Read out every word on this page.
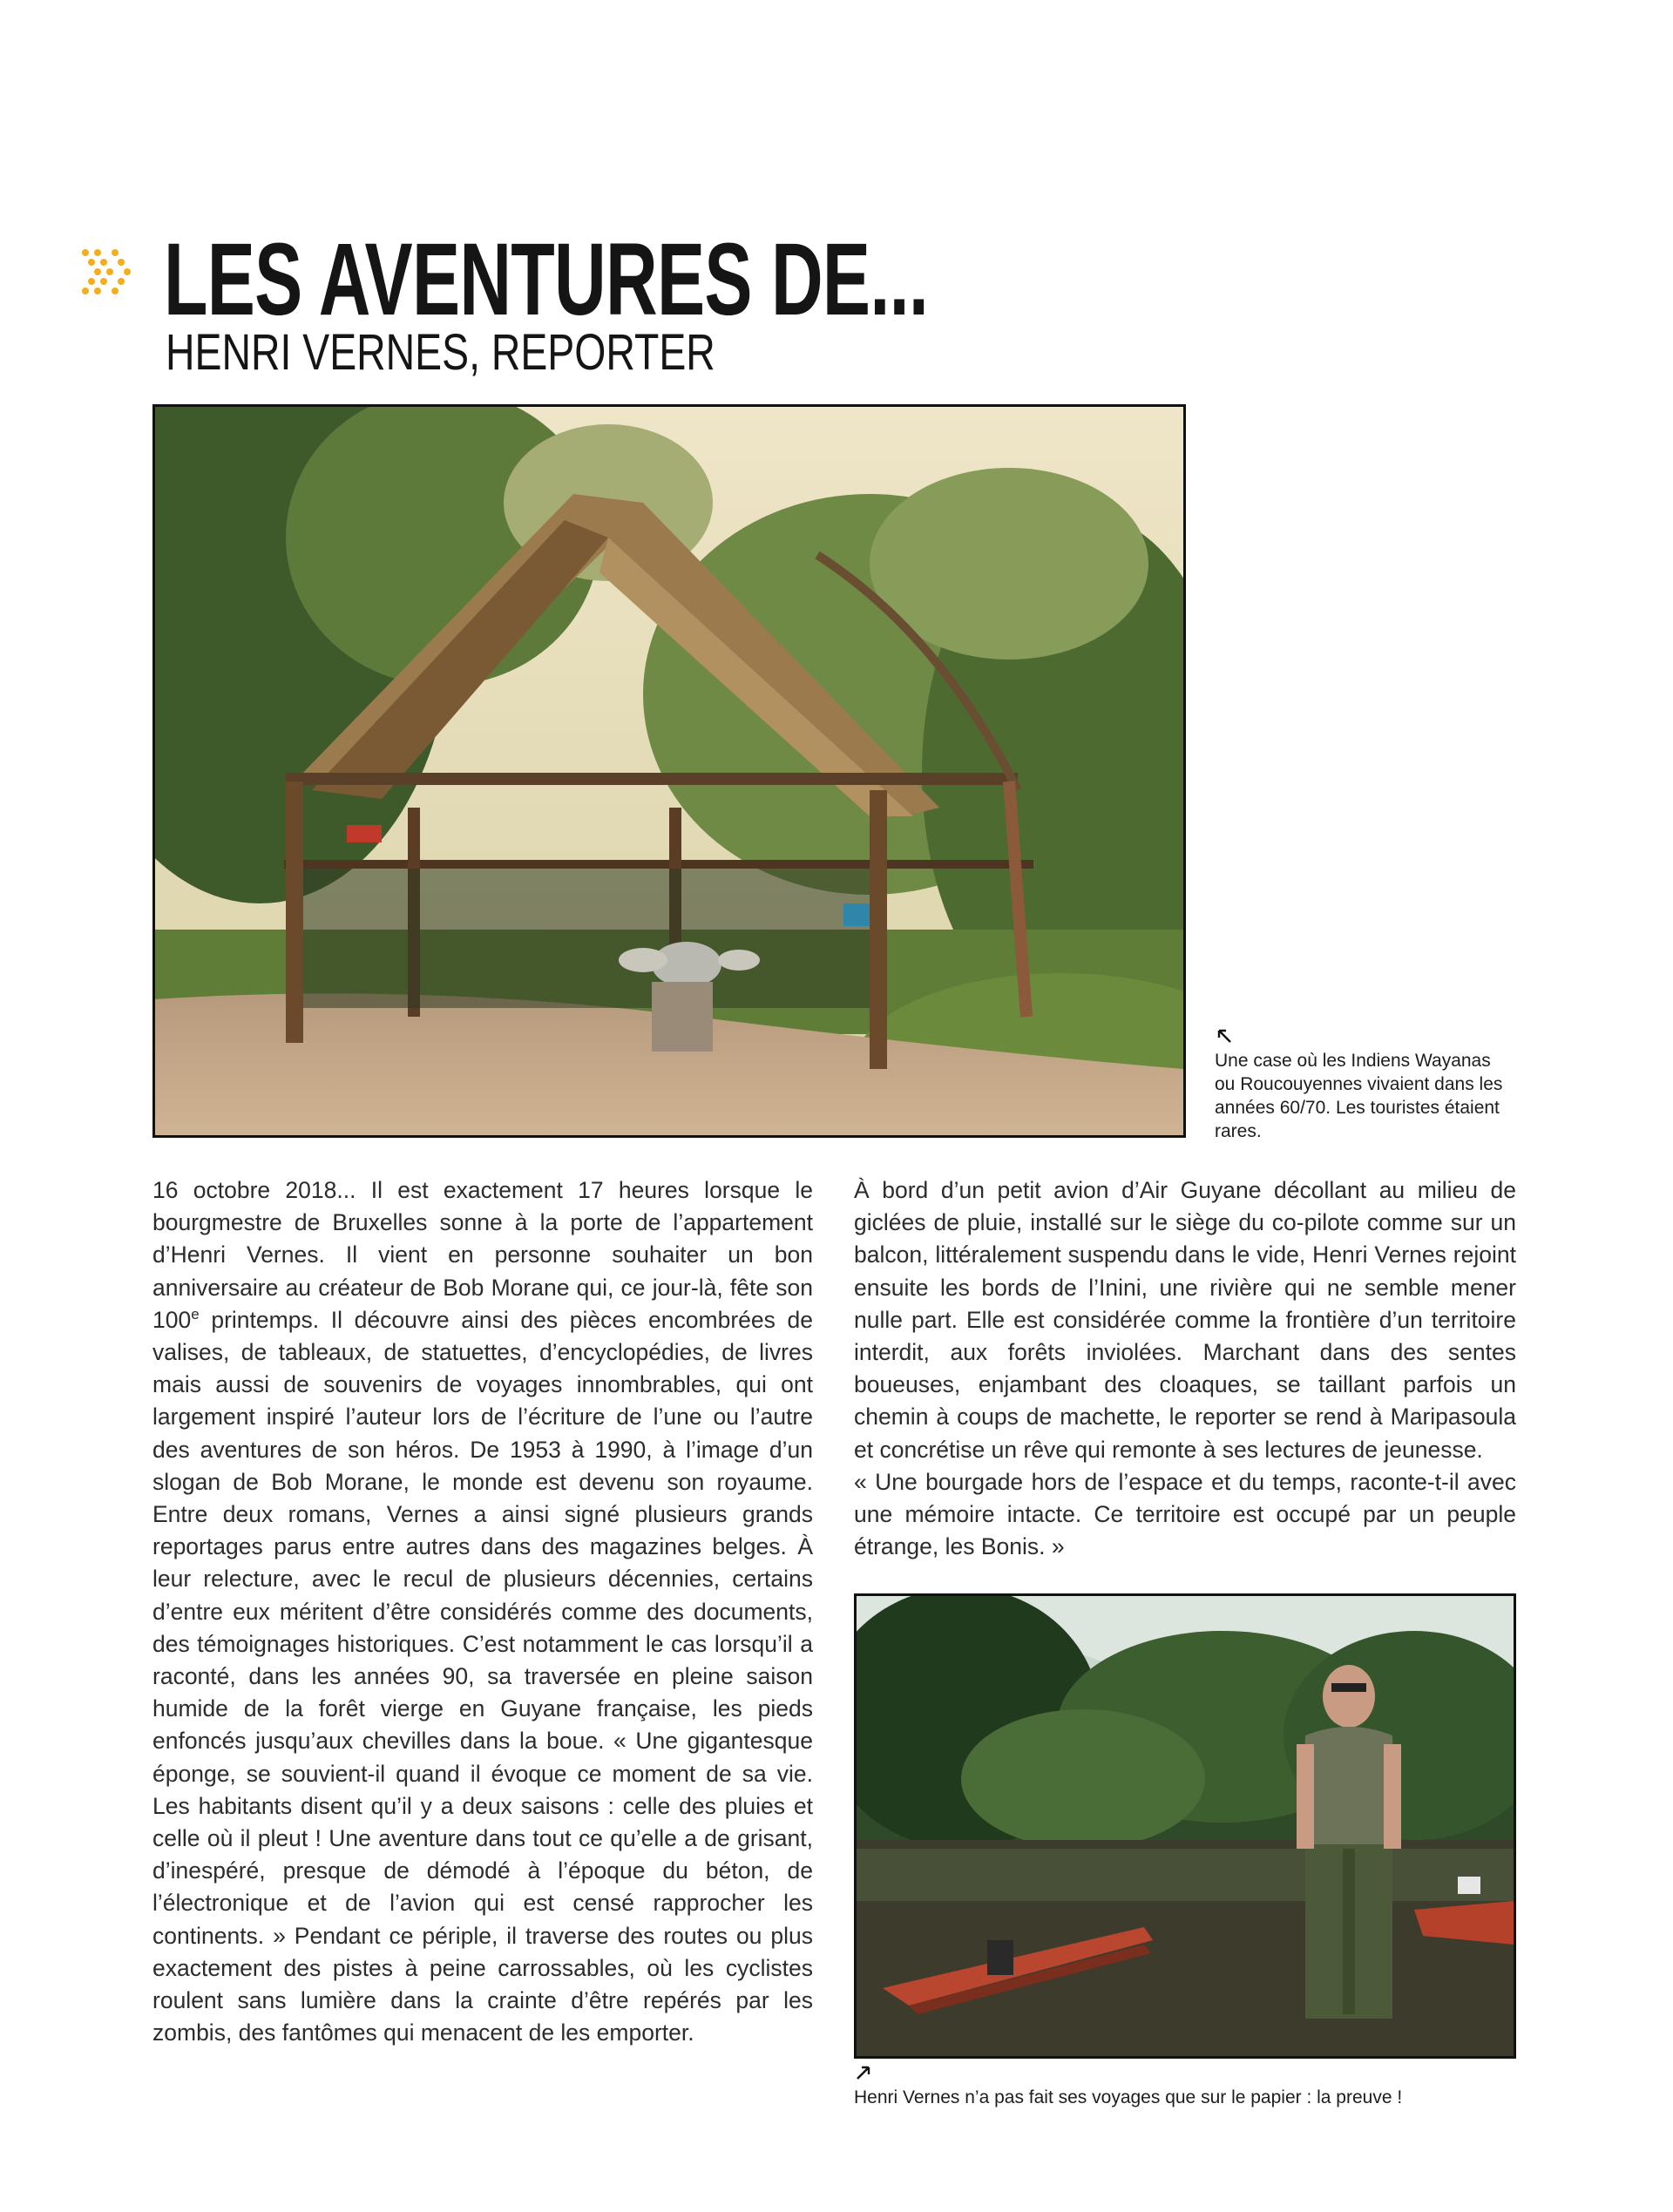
LES AVENTURES DE...
HENRI VERNES, REPORTER
Une case où les Indiens Wayanas ou Roucouyennes vivaient dans les années 60/70. Les touristes étaient rares.

16 octobre 2018... Il est exactement 17 heures lorsque le bourgmestre de Bruxelles sonne à la porte de l’appartement d’Henri Vernes. Il vient en personne souhaiter un bon anniversaire au créateur de Bob Morane qui, ce jour-là, fête son 100e printemps. Il découvre ainsi des pièces encombrées de valises, de tableaux, de statuettes, d’encyclopédies, de livres mais aussi de souvenirs de voyages innombrables, qui ont largement inspiré l’auteur lors de l’écriture de l’une ou l’autre des aventures de son héros. De 1953 à 1990, à l’image d’un slogan de Bob Morane, le monde est devenu son royaume. Entre deux romans, Vernes a ainsi signé plusieurs grands reportages parus entre autres dans des magazines belges. À leur relecture, avec le recul de plusieurs décennies, certains d’entre eux méritent d’être considérés comme des documents, des témoignages historiques. C’est notamment le cas lorsqu’il a raconté, dans les années 90, sa traversée en pleine saison humide de la forêt vierge en Guyane française, les pieds enfoncés jusqu’aux chevilles dans la boue. « Une gigantesque éponge, se souvient-il quand il évoque ce moment de sa vie. Les habitants disent qu’il y a deux saisons : celle des pluies et celle où il pleut ! Une aventure dans tout ce qu’elle a de grisant, d’inespéré, presque de démodé à l’époque du béton, de l’électronique et de l’avion qui est censé rapprocher les continents. » Pendant ce périple, il traverse des routes ou plus exactement des pistes à peine carrossables, où les cyclistes roulent sans lumière dans la crainte d’être repérés par les zombis, des fantômes qui menacent de les emporter.

À bord d’un petit avion d’Air Guyane décollant au milieu de giclées de pluie, installé sur le siège du co-pilote comme sur un balcon, littéralement suspendu dans le vide, Henri Vernes rejoint ensuite les bords de l’Inini, une rivière qui ne semble mener nulle part. Elle est considérée comme la frontière d’un territoire interdit, aux forêts inviolées. Marchant dans des sentes boueuses, enjambant des cloaques, se taillant parfois un chemin à coups de machette, le reporter se rend à Maripasoula et concrétise un rêve qui remonte à ses lectures de jeunesse.

« Une bourgade hors de l’espace et du temps, raconte-t-il avec une mémoire intacte. Ce territoire est occupé par un peuple étrange, les Bonis. »

Henri Vernes n’a pas fait ses voyages que sur le papier : la preuve !
